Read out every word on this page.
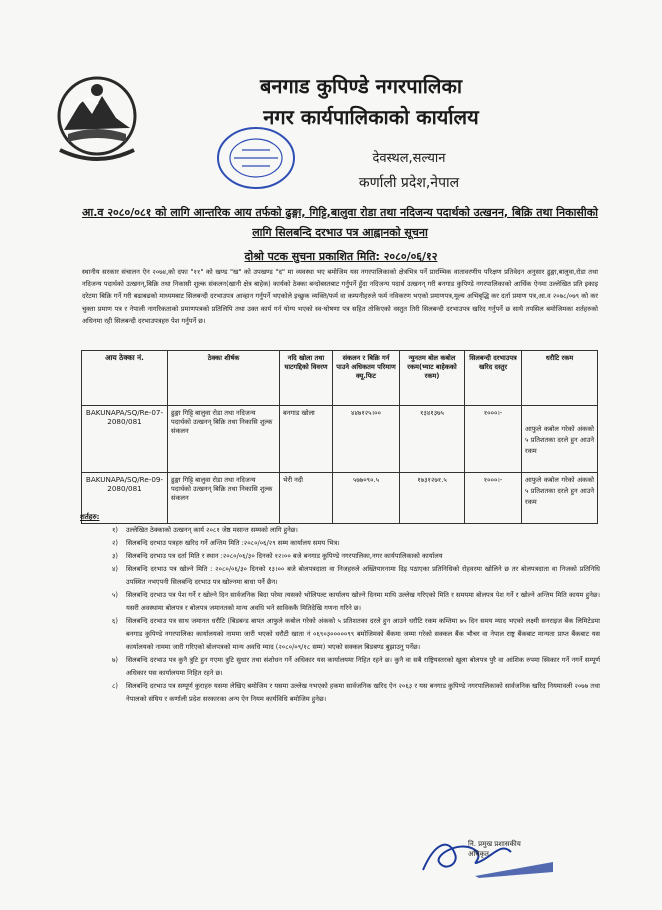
बनगाड कुपिण्डे नगरपालिका
नगर कार्यपालिकाको कार्यालय
देवस्थल,सल्यान
कर्णाली प्रदेश,नेपाल
आ.व २०८०/०८१ को लागि आन्तरिक आय तर्फको ढुङ्गा, गिट्टि,बालुवा रोडा तथा नदिजन्य पदार्थको उत्खनन, बिक्रि तथा निकासीको लागि सिलबन्दि दरभाउ पत्र आह्वानको सूचना
दोश्रो पटक सुचना प्रकाशित मिति: २०८०/०६/१२
स्थानीय सरकार संचालन ऐन २०७४,को दफा "११" को खण्ड "ख" को उपखण्ड "द" मा व्यवस्था भए बमोजिम यस नगरपालिकाको क्षेत्रभित्र पर्ने प्रारम्भिक वातावरणीय परिक्षण प्रतिवेदन अनुसार ढुङ्गा,बालुवा,रोडा तथा नदिजन्य पदार्थको उत्खनन्,बिक्रि तथा निकासी शुल्क संकलन(खानी क्षेत्र बाहेक) कार्यको ठेक्का बन्दोबस्तबाट गर्नुपर्ने हुँदा नदिजन्य पदार्थ उत्खनन् गरी बनगाड कुपिण्डे नगरपालिकाको आर्थिक ऐनमा उल्लेखित प्रति इकाइ दरेटमा बिक्रि गर्ने गरी बढाबढको माध्यमबाट सिलबन्दी दरभाउपत्र आव्हान गर्नुपर्ने भएकोले इच्छुक व्यक्ति/फर्म वा कम्पनीहरुले फर्म नविकरण भएको प्रमाणपत्र,मूल्य अभिबृद्धि कर दर्ता प्रमाण पत्र,आ.व २०७८/०७९ को कर चुक्ता प्रमाण पत्र र नेपाली नागरिकताको प्रमाणपत्रको प्रतिलिपि तथा उक्त कार्य गर्न योग्य भएको स्व-घोषणा पत्र सहित तोकिएको वस्तुत तिरी सिलबन्दी दरभाउपत्र खरिद गर्नुपर्ने छ साथै तपसिल बमोजिमका शर्तहरुको अधिनमा रही सिलबन्दी दरभाउपत्रहरु पेश गर्नुपर्ने छ।
आय ठेक्का नं.	ठेक्का शीर्षक	नदि खोला तथा घाटगद्दिको विवरण	संकलन र बिक्रि गर्न पाउने अधिकतम परिमाण क्यू.फिट	न्युनतम बोल कबोल रकम(भ्याट बाहेकको रकम)	सिलबन्दी दरभाउपत्र खरिद दस्तुर	धरौटि रकम
BAKUNAPA/SQ/Re-07-2080/081	ढुङ्गा गिट्टि बालुवा रोडा तथा नदिजन्य पदार्थको उत्खनन् बिक्रि तथा निकासि शुल्क संकलन	बनगाड खोला	४४७१२५।००	१३४१३७५	१०००।-	आफुले कबोल गरेको अंकको ५ प्रतिशतका दरले हुन आउने रकम
BAKUNAPA/SQ/Re-09-2080/081	ढुङ्गा गिट्टि बालुवा रोडा तथा नदिजन्य पदार्थको उत्खनन् बिक्रि तथा निकासि शुल्क संकलन	भेरी नदी	५७७०९०.५	१७३१२७१.५	१०००।-	आफुले कबोल गरेको अंकको ५ प्रतिशतका दरले हुन आउने रकम
शर्तहरु:
१)	उल्लेखित ठेक्काको उत्खनन् कार्य २०८१ जेष्ठ मसान्त सम्मको लागि हुनेछ।
२)	सिलबन्दि दरभाउ पत्रहरु खरिद गर्ने अन्तिम मिति :२०८०/०६/२९ सम्म कार्यालय समय भित्र।
३)	सिलबन्दि दरभाउ पत्र दर्ता मिति र स्थान :२०८०/०६/३० दिनको १२।०० बजे बनगाड कुपिण्डे नगरपालिका,नगर कार्यपालिकाको कार्यालय
४)	सिलबन्दि दरभाउ पत्र खोल्ने मिति : २०८०/०६/३० दिनको १३।०० बजे बोलपत्रदाता वा निजहरुले अख्तियारनामा दिइ पठाएका प्रतिनिधिको रोहवरमा खोलिने छ तर बोलपत्रदाता वा निजको प्रतिनिधि उपस्थित नभएपनी सिलबन्दि दरभाउ पत्र खोल्नमा बाधा पर्ने छैन।
५)	सिलबन्दि दरभाउ पत्र पेश गर्ने र खोल्ने दिन सार्वजनिक बिदा परेमा त्यसको भोलिपल्ट कार्यालय खोल्ने दिनमा माथि उल्लेख गरिएको मिति र समयमा बोलपत्र पेश गर्ने र खोल्ने अन्तिम मिति कायम हुनेछ।यसरी अवस्थामा बोलपत्र र बोलपत्र जमानतको मान्य अवधि भने साविककै मितिदेखि गणना गरिने छ।
६)	सिलबन्दि दरभाउ पत्र साथ जमानत धरौटि (बिडबन्ड बापत आफुले कबोल गरेको अंकको ५ प्रतिशतका दरले हुन आउने धरौटि रकम कम्तिमा ७५ दिन समय म्याद भएको लक्ष्मी सनराइज बैंक लिमिटेडमा बनगाड कुपिण्डे नगरपालिका कार्यालयको नाममा जारी भएको धरौटी खाता नं ०६९०३०००००९९ बमोजिमको बैंकमा जम्मा गरेको सक्कल बैंक भौचर वा नेपाल राष्ट्र बैंकबाट मान्यता प्राप्त बैंकबाट यस कार्यालयको नाममा जारी गरिएको बोलपत्रको मान्य अवधि म्याद (२०८०/०९/१८ सम्म) भएको सक्कल बिडबण्ड बुझाउनु पर्नेछ।
७)	सिलबन्दि दरभाउ पत्र कुनै त्रुटि हुन गएमा त्रुटि सुधार तथा संशोधन गर्ने अधिकार यस कार्यालयमा निहित रहने छ। कुनै वा सबै राष्ट्रियस्तरको खुला बोलपत्र पुरै वा आंशिक रुपमा स्विकार गर्ने नगर्ने सम्पूर्ण अधिकार यस कार्यालयमा निहित रहने छ।
८)	सिलबन्दि दरभाउ पत्र सम्पूर्ण कुराहरु यसमा लेखिए बमोजिम र यसमा उल्लेख नभएको हकमा सार्वजनिक खरिद ऐन २०६३ र यस बनगाड कुपिण्डे नगरपालिकाको सार्वजनिक खरिद नियमावली २०७७ तथा नेपालको संघिय र कर्णाली प्रदेश सरकारका अन्य ऐन नियम कार्यविधि बमोजिम हुनेछ।
नि. प्रमुख प्रशासकीय
अधिकृत
